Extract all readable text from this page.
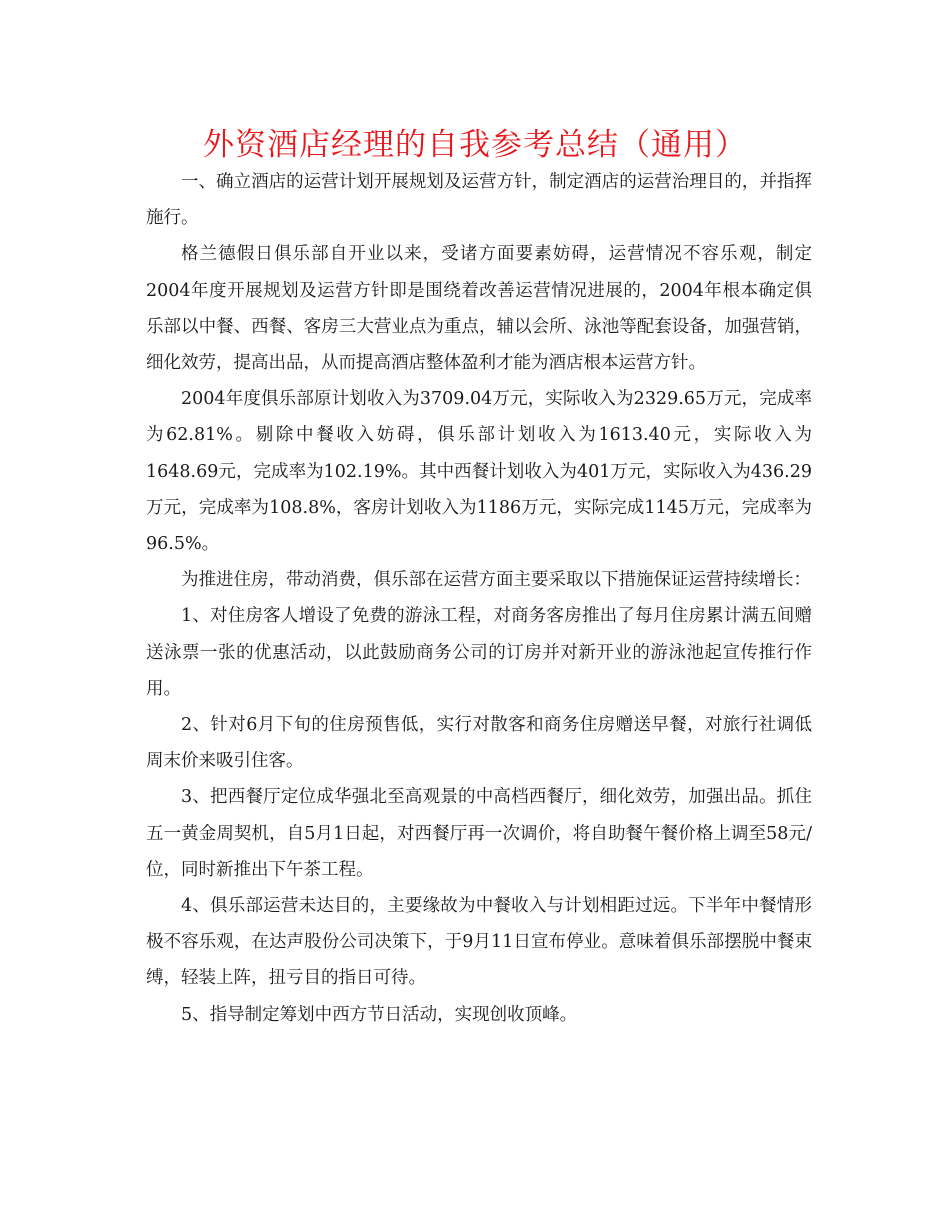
外资酒店经理的自我参考总结（通用）

一、确立酒店的运营计划开展规划及运营方针，制定酒店的运营治理目的，并指挥施行。

格兰德假日俱乐部自开业以来，受诸方面要素妨碍，运营情况不容乐观，制定2004年度开展规划及运营方针即是围绕着改善运营情况进展的，2004年根本确定俱乐部以中餐、西餐、客房三大营业点为重点，辅以会所、泳池等配套设备，加强营销，细化效劳，提高出品，从而提高酒店整体盈利才能为酒店根本运营方针。

2004年度俱乐部原计划收入为3709.04万元，实际收入为2329.65万元，完成率为62.81%。剔除中餐收入妨碍，俱乐部计划收入为1613.40元，实际收入为1648.69元，完成率为102.19%。其中西餐计划收入为401万元，实际收入为436.29万元，完成率为108.8%，客房计划收入为1186万元，实际完成1145万元，完成率为96.5%。

为推进住房，带动消费，俱乐部在运营方面主要采取以下措施保证运营持续增长：

1、对住房客人增设了免费的游泳工程，对商务客房推出了每月住房累计满五间赠送泳票一张的优惠活动，以此鼓励商务公司的订房并对新开业的游泳池起宣传推行作用。

2、针对6月下旬的住房预售低，实行对散客和商务住房赠送早餐，对旅行社调低周末价来吸引住客。

3、把西餐厅定位成华强北至高观景的中高档西餐厅，细化效劳，加强出品。抓住五一黄金周契机，自5月1日起，对西餐厅再一次调价，将自助餐午餐价格上调至58元/位，同时新推出下午茶工程。

4、俱乐部运营未达目的，主要缘故为中餐收入与计划相距过远。下半年中餐情形极不容乐观，在达声股份公司决策下，于9月11日宣布停业。意味着俱乐部摆脱中餐束缚，轻装上阵，扭亏目的指日可待。

5、指导制定筹划中西方节日活动，实现创收顶峰。
